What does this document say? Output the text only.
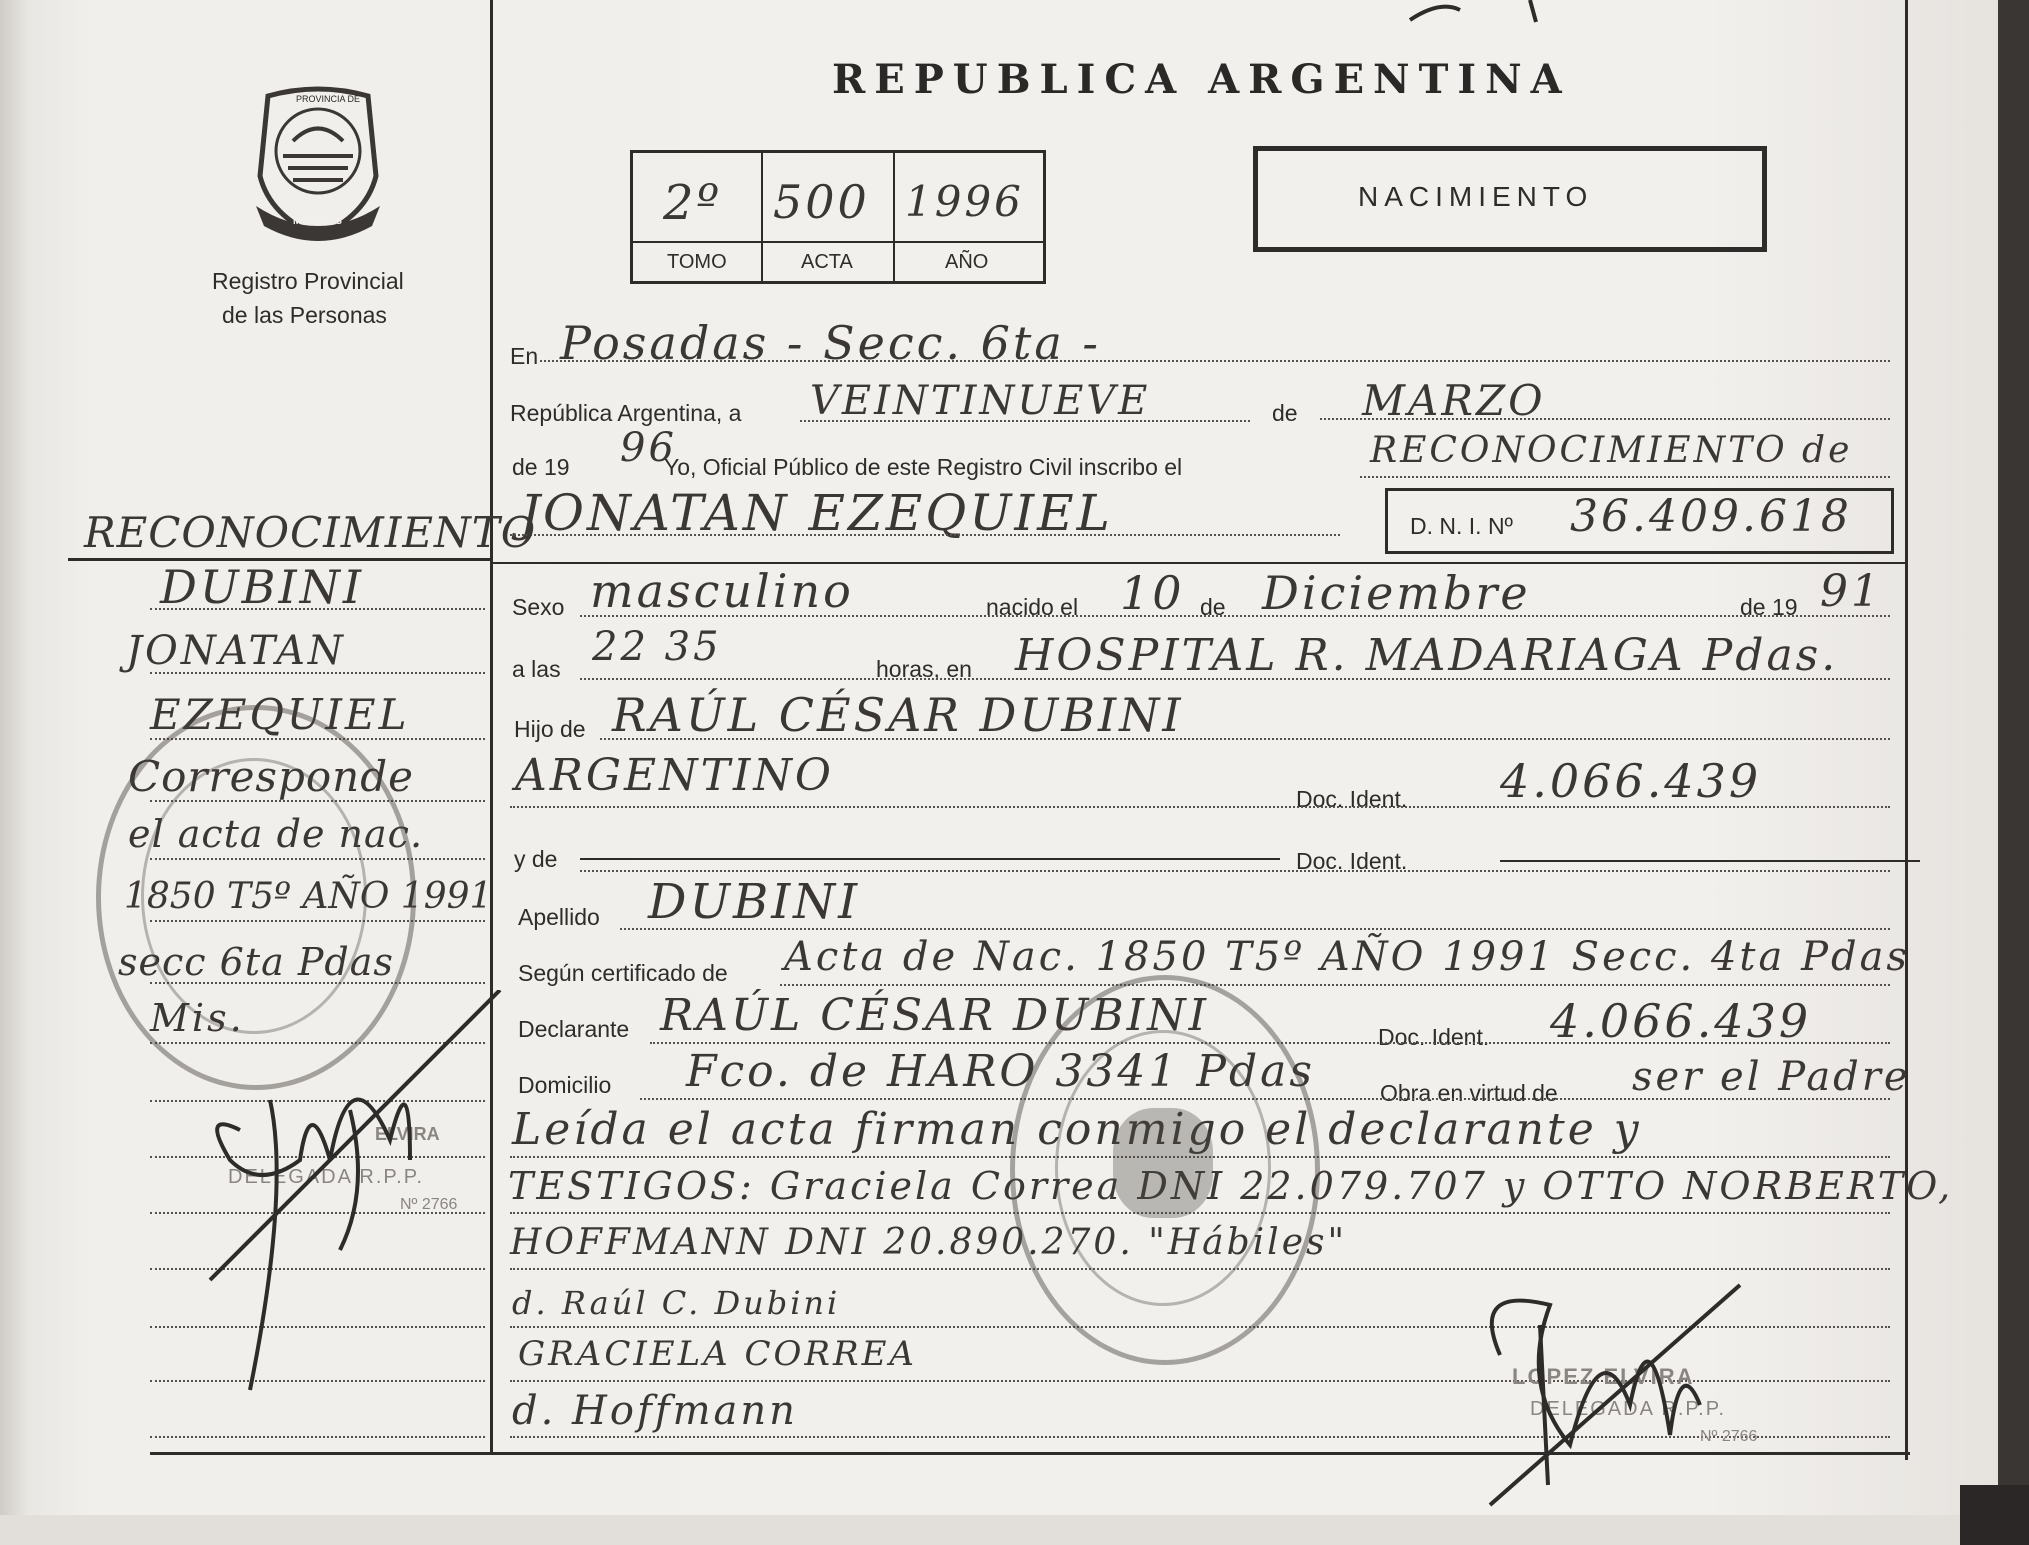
PROVINCIA DE
MISIONES
Registro Provincial
de las Personas
REPUBLICA ARGENTINA
2º 500 1996
TOMO	ACTA	AÑO
NACIMIENTO
En Posadas - Secc. 6ta -
República Argentina, a VEINTINUEVE	de MARZO
de 19 96
Yo, Oficial Público de este Registro Civil inscribo el	RECONOCIMIENTO de
JONATAN EZEQUIEL	D. N. I. Nº 36.409.618
Sexo masculino	nacido el 10 de Diciembre	de 19 91
a las 22 35	horas, en HOSPITAL R. MADARIAGA Pdas.
Hijo de RAÚL CÉSAR DUBINI
ARGENTINO	Doc. Ident. 4.066.439
y de	Doc. Ident.
Apellido DUBINI
Según certificado de Acta de Nac. 1850 T5º AÑO 1991 Secc. 4ta Pdas
Declarante RAÚL CÉSAR DUBINI	Doc. Ident. 4.066.439
Domicilio Fco. de HARO 3341 Pdas	Obra en virtud de ser el Padre
Leída el acta firman conmigo el declarante y
TESTIGOS: Graciela Correa DNI 22.079.707 y OTTO NORBERTO,
HOFFMANN DNI 20.890.270. "Hábiles"
d. Raúl C. Dubini
GRACIELA CORREA
d. Hoffmann
LOPEZ ELVIRA
DELEGADA R.P.P.
Nº 2766
RECONOCIMIENTO
DUBINI
JONATAN
EZEQUIEL
Corresponde
el acta de nac.
1850 T5º AÑO 1991
secc 6ta Pdas
Mis.
ELVIRA
DELEGADA R.P.P.
Nº 2766
